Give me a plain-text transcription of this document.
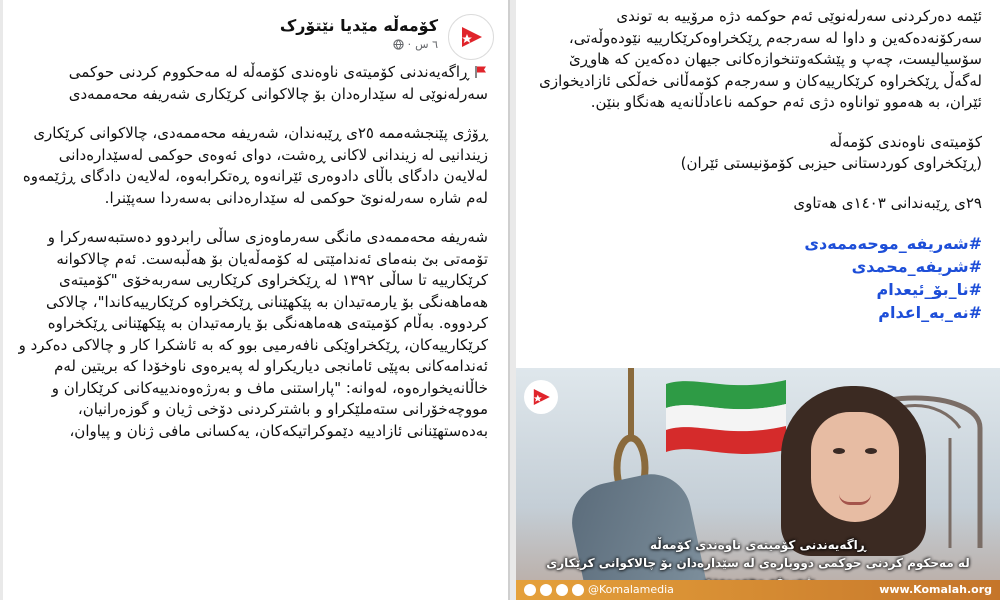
کۆمەڵە مێدیا نێتۆرک
٦ س
·

ڕاگەیەندنی کۆمیتەی ناوەندی کۆمەڵە لە مەحکووم کردنی حوکمی سەرلەنوێی لە سێدارەدان بۆ چالاکوانی کرێکاری شەریفە محەممەدی

ڕۆژی پێنجشەممە ٢٥ی ڕێبەندان، شەریفە محەممەدی، چالاکوانی کرێکاری زیندانیی لە زیندانی لاکانی ڕەشت، دوای ئەوەی حوکمی لەسێدارەدانی لەلایەن دادگای باڵای دادوەری ئێرانەوە ڕەتکرابەوە، لەلایەن دادگای ڕژێمەوە لەم شارە سەرلەنوێ حوکمی لە سێدارەدانی بەسەردا سەپێنرا.

شەریفە محەممەدی مانگی سەرماوەزی ساڵی رابردوو دەستبەسەرکرا و تۆمەتی بێ بنەمای ئەندامێتی لە کۆمەڵەیان بۆ هەڵبەست. ئەم چالاکوانە کرێکارییە تا ساڵی ١٣٩٢ لە ڕێکخراوی کرێکاریی سەربەخۆی "کۆمیتەی هەماهەنگی بۆ یارمەتیدان بە پێکهێنانی ڕێکخراوە کرێکارییەکاندا"، چالاکی کردووە. بەڵام کۆمیتەی هەماهەنگی بۆ یارمەتیدان بە پێکهێنانی ڕێکخراوە کرێکارییەکان، ڕێکخراوێکی نافەرمیی بوو کە بە ئاشکرا کار و چالاکی دەکرد و ئەندامەکانی بەپێی ئامانجی دیاریکراو لە پەیرەوی ناوخۆدا کە بریتین لەم خاڵانەیخوارەوە، لەوانە: "پاراستنی ماف و بەرژەوەندییەکانی کرێکاران و مووچەخۆرانی ستەملێکراو و باشترکردنی دۆخی ژیان و گوزەرانیان، بەدەستهێنانی ئازادییە دێموکراتیکەکان، یەکسانی مافی ژنان و پیاوان،

ئێمە دەرکردنی سەرلەنوێی ئەم حوکمە دژە مرۆییە بە توندی سەرکۆنەدەکەین و داوا لە سەرجەم ڕێکخراوەکرێکارییە نێودەوڵەتی، سۆسیالیست، چەپ و پێشکەوتنخوازەکانی جیهان دەکەین کە هاوڕێ لەگەڵ ڕێکخراوە کرێکارییەکان و سەرجەم کۆمەڵانی خەڵکی ئازادیخوازی ئێران، بە هەموو تواناوە دژی ئەم حوکمە ناعادڵانەیە هەنگاو بنێن.

کۆمیتەی ناوەندی کۆمەڵە
(ڕێکخراوی کوردستانی حیزبی کۆمۆنیستی ئێران)

٢٩ی ڕێبەندانی ١٤٠٣ی هەتاوی

#شەریفە_موحەممەدی
#شریفه_محمدی
#نا_بۆ_ئیعدام
#نه_به_اعدام
ڕاگەیەندنی کۆمیتەی ناوەندی کۆمەڵە
لە مەحکوم کردنی حوکمی دووبارەی لە سێدارەدان بۆ چالاکوانی کرێکاری
@Komalamedia	www.Komalah.org
